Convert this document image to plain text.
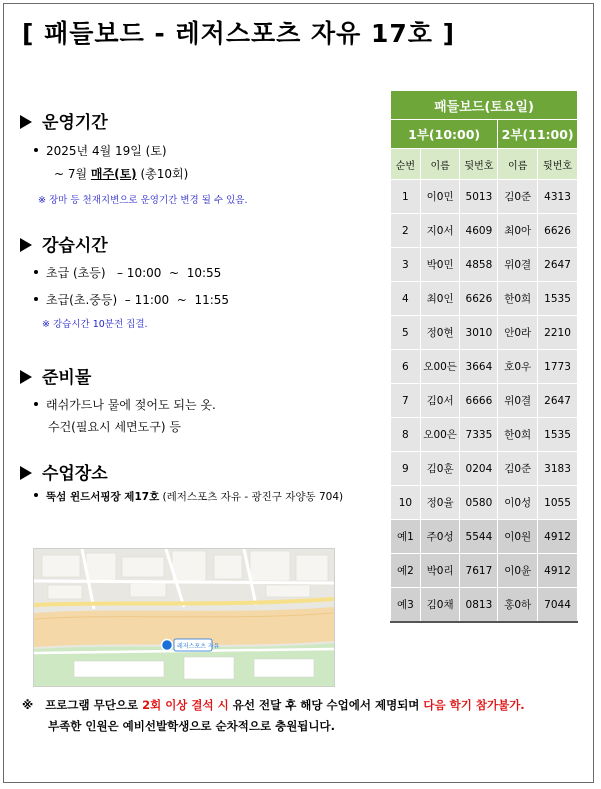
[ 패들보드 - 레저스포츠 자유 17호 ]
운영기간
2025년 4월 19일 (토)
~ 7월 매주(토) (총10회)
※ 장마 등 천재지변으로 운영기간 변경 될 수 있음.
강습시간
초급 (초등)   – 10:00  ~  10:55
초급(초.중등)  – 11:00  ~  11:55
※ 강습시간 10분전 집결.
준비물
래쉬가드나 물에 젖어도 되는 옷.
수건(필요시 세면도구) 등
수업장소
뚝섬 윈드서핑장 제17호 (레저스포츠 자유 - 광진구 자양동 704)
레저스포츠 자유
패들보드(토요일)				
1부(10:00)			2부(11:00)	
순번	이름	뒷번호	이름	뒷번호
1	이0민	5013	김0준	4313
2	지0서	4609	최0아	6626
3	박0민	4858	위0결	2647
4	최0인	6626	한0희	1535
5	정0현	3010	안0라	2210
6	오00든	3664	호0우	1773
7	김0서	6666	위0결	2647
8	오00은	7335	한0희	1535
9	김0훈	0204	김0준	3183
10	정0율	0580	이0성	1055
예1	주0성	5544	이0원	4912
예2	박0리	7617	이0윤	4912
예3	김0채	0813	홍0하	7044
※ 프로그램 무단으로 2회 이상 결석 시 유선 전달 후 해당 수업에서 제명되며 다음 학기 참가불가.
부족한 인원은 예비선발학생으로 순차적으로 충원됩니다.
